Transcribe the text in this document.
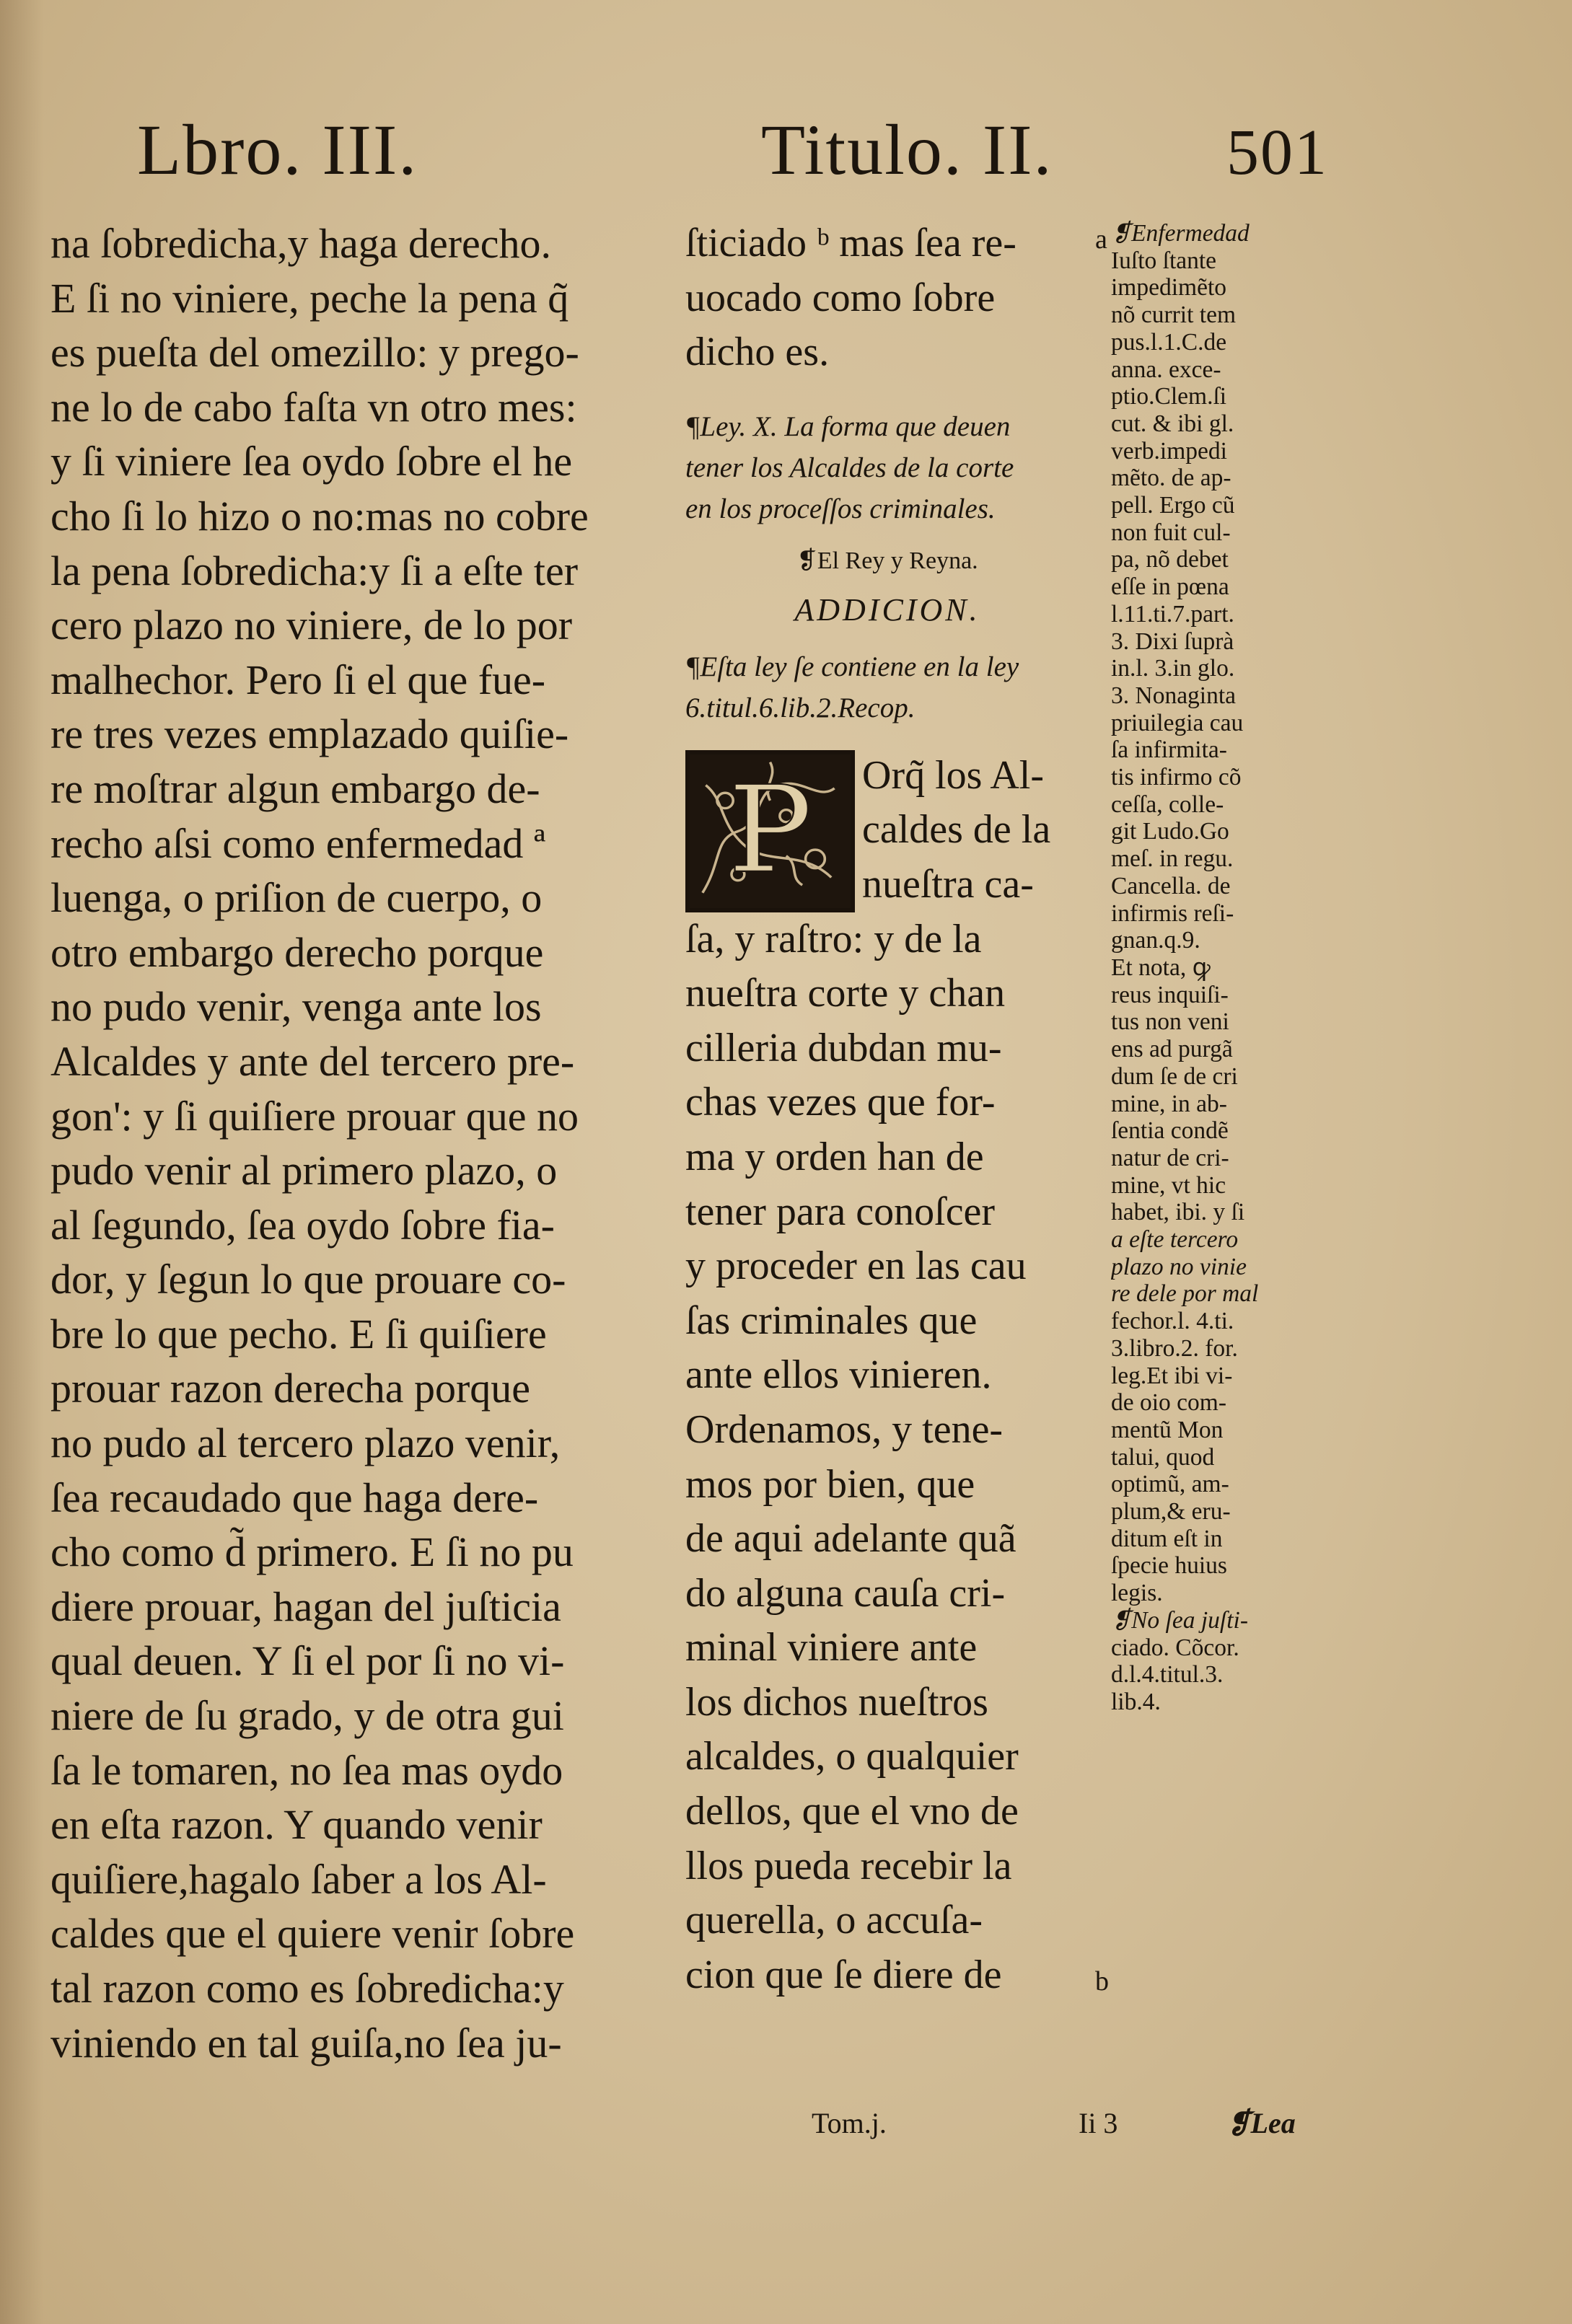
Lbro. III.	Titulo. II.	501
na ſobredicha,y haga derecho.
E ſi no viniere, peche la pena q̃
es pueſta del omezillo: y prego-
ne lo de cabo faſta vn otro mes:
y ſi viniere ſea oydo ſobre el he
cho ſi lo hizo o no:mas no cobre
la pena ſobredicha:y ſi a eſte ter
cero plazo no viniere, de lo por
malhechor. Pero ſi el que fue-
re tres vezes emplazado quiſie-
re moſtrar algun embargo de-
recho aſsi como enfermedad ª
luenga, o priſion de cuerpo, o
otro embargo derecho porque
no pudo venir, venga ante los
Alcaldes y ante del tercero pre-
gon': y ſi quiſiere prouar que no
pudo venir al primero plazo, o
al ſegundo, ſea oydo ſobre fia-
dor, y ſegun lo que prouare co-
bre lo que pecho. E ſi quiſiere
prouar razon derecha porque
no pudo al tercero plazo venir,
ſea recaudado que haga dere-
cho como d̃ primero. E ſi no pu
diere prouar, hagan del juſticia
qual deuen. Y ſi el por ſi no vi-
niere de ſu grado, y de otra gui
ſa le tomaren, no ſea mas oydo
en eſta razon. Y quando venir
quiſiere,hagalo ſaber a los Al-
caldes que el quiere venir ſobre
tal razon como es ſobredicha:y
viniendo en tal guiſa,no ſea ju-
ſticiado ᵇ mas ſea re-
uocado como ſobre
dicho es.
¶Ley. X. La forma que deuen
tener los Alcaldes de la corte
en los proceſſos criminales.
❡El Rey y Reyna.
ADDICION.
¶Eſta ley ſe contiene en la ley
6.titul.6.lib.2.Recop.
P Orq̃ los Al-
caldes de la
nueſtra ca-
ſa, y raſtro: y de la
nueſtra corte y chan
cilleria dubdan mu-
chas vezes que for-
ma y orden han de
tener para conoſcer
y proceder en las cau
ſas criminales que
ante ellos vinieren.
Ordenamos, y tene-
mos por bien, que
de aqui adelante quã
do alguna cauſa cri-
minal viniere ante
los dichos nueſtros
alcaldes, o qualquier
dellos, que el vno de
llos pueda recebir la
querella, o accuſa-
cion que ſe diere de
a
b
❡Enfermedad
Iuſto ſtante
impedimẽto
nõ currit tem
pus.l.1.C.de
anna. exce-
ptio.Clem.ſi
cut. & ibi gl.
verb.impedi
mẽto. de ap-
pell. Ergo cũ
non fuit cul-
pa, nõ debet
eſſe in pœna
l.11.ti.7.part.
3. Dixi ſuprà
in.l. 3.in glo.
3. Nonaginta
priuilegia cau
ſa infirmita-
tis infirmo cõ
ceſſa, colle-
git Ludo.Go
meſ. in regu.
Cancella. de
infirmis reſi-
gnan.q.9.
Et nota, ꝙ
reus inquiſi-
tus non veni
ens ad purgã
dum ſe de cri
mine, in ab-
ſentia condẽ
natur de cri-
mine, vt hic
habet, ibi. y ſi
a eſte tercero
plazo no vinie
re dele por mal
fechor.l. 4.ti.
3.libro.2. for.
leg.Et ibi vi-
de oio com-
mentũ Mon
talui, quod
optimũ, am-
plum,& eru-
ditum eſt in
ſpecie huius
legis.
❡No ſea juſti-
ciado. Cõcor.
d.l.4.titul.3.
lib.4.
Tom.j.	Ii 3	❡Lea
